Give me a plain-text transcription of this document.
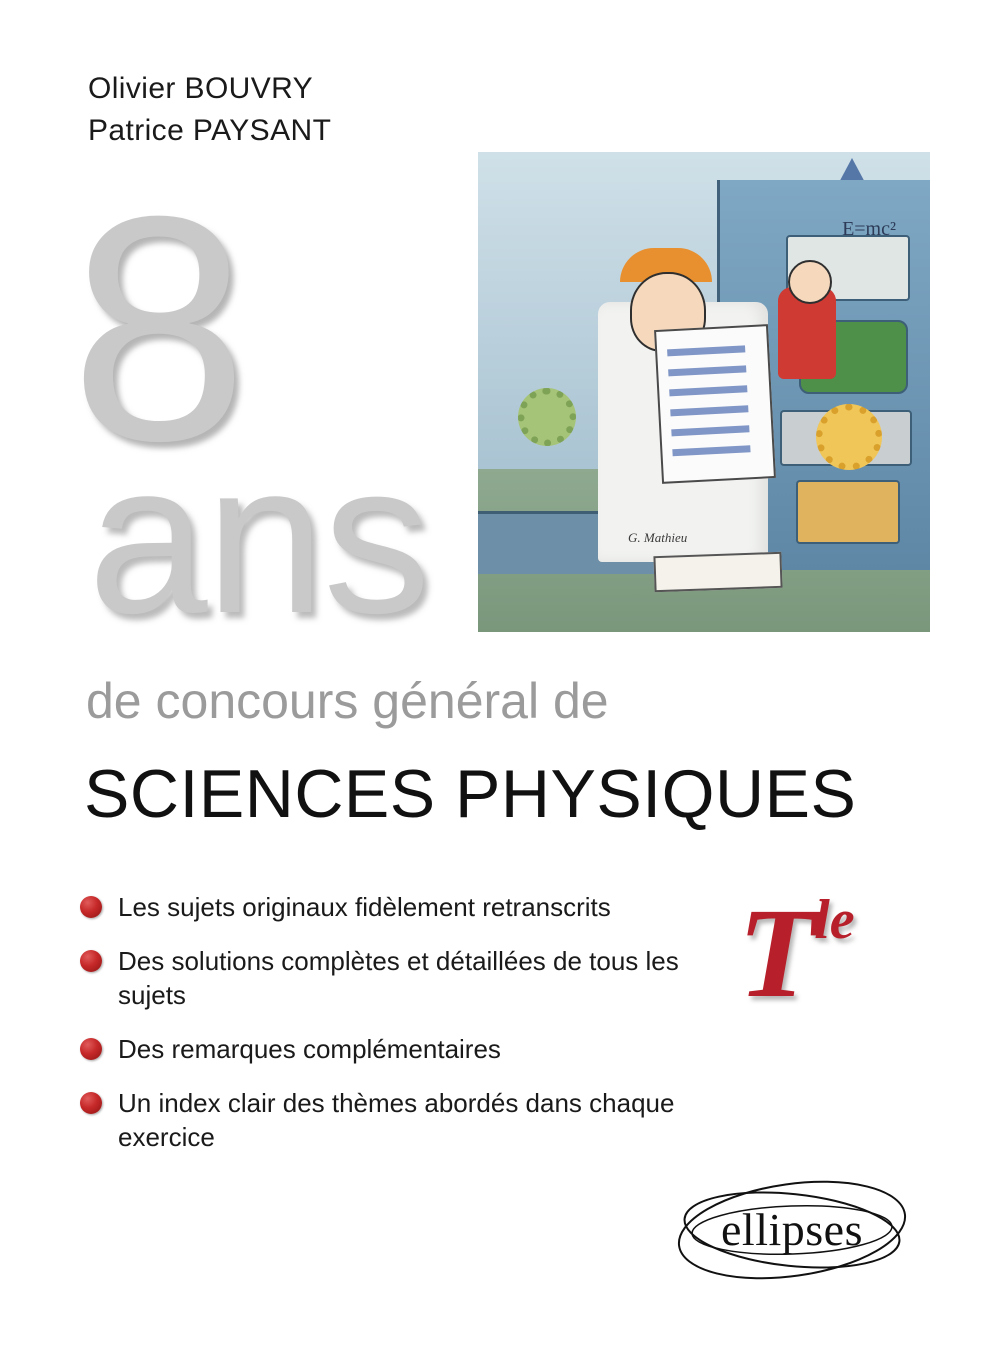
Olivier BOUVRY
Patrice PAYSANT
8
ans
de concours général de
SCIENCES PHYSIQUES
Les sujets originaux fidèlement retranscrits
Des solutions complètes et détaillées de tous les sujets
Des remarques complémentaires
Un index clair des thèmes abordés dans chaque exercice
$T^{le}$
E=mc²
G. Mathieu
ellipses
